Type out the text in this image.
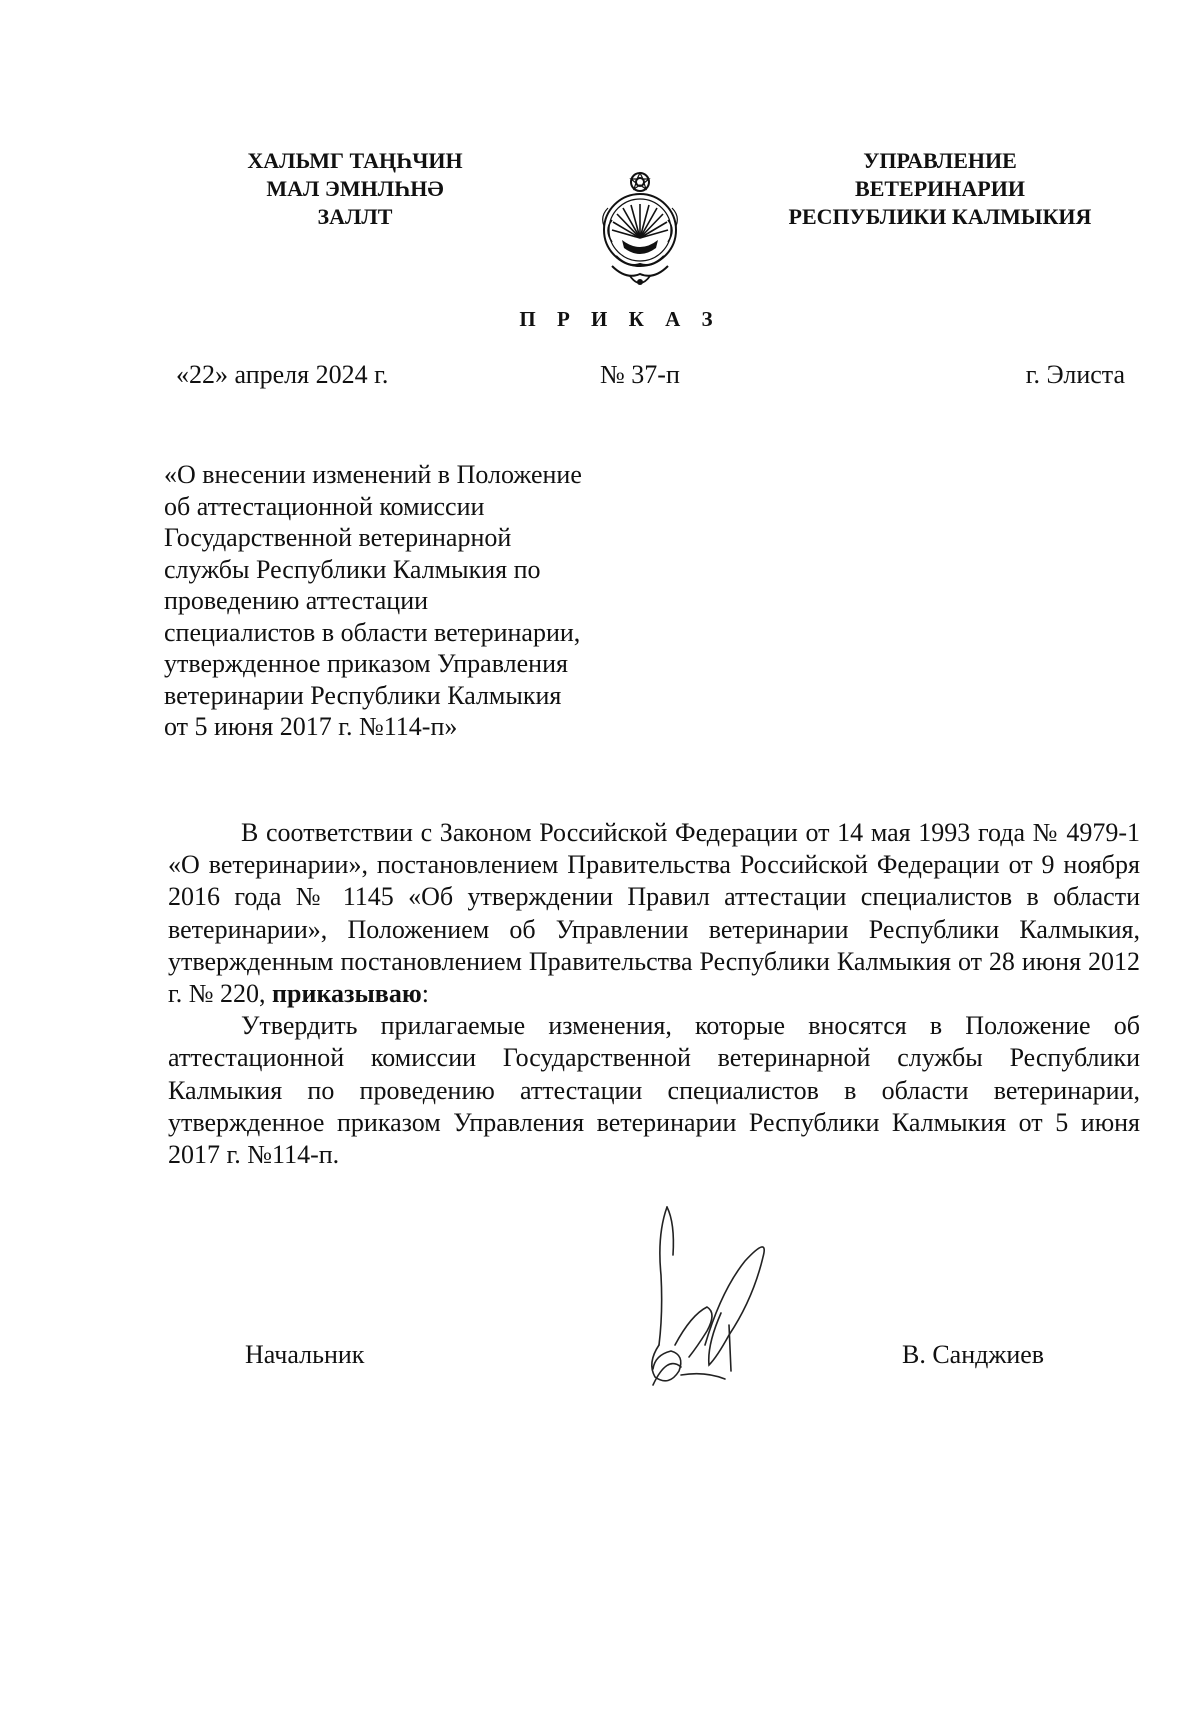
ХАЛЬМГ ТАҢҺЧИН
МАЛ ЭМНЛҺНӘ
ЗАЛЛТ
УПРАВЛЕНИЕ
ВЕТЕРИНАРИИ
РЕСПУБЛИКИ КАЛМЫКИЯ
П Р И К А З
«22» апреля 2024 г.	№ 37-п	г. Элиста
«О внесении изменений в Положение
об аттестационной комиссии
Государственной ветеринарной
службы Республики Калмыкия по
проведению аттестации
специалистов в области ветеринарии,
утвержденное приказом Управления
ветеринарии Республики Калмыкия
от 5 июня 2017 г. №114-п»

В соответствии с Законом Российской Федерации от 14 мая 1993 года № 4979-1 «О ветеринарии», постановлением Правительства Российской Федерации от 9 ноября 2016 года № 1145 «Об утверждении Правил аттестации специалистов в области ветеринарии», Положением об Управлении ветеринарии Республики Калмыкия, утвержденным постановлением Правительства Республики Калмыкия от 28 июня 2012 г. № 220, приказываю:

Утвердить прилагаемые изменения, которые вносятся в Положение об аттестационной комиссии Государственной ветеринарной службы Республики Калмыкия по проведению аттестации специалистов в области ветеринарии, утвержденное приказом Управления ветеринарии Республики Калмыкия от 5 июня 2017 г. №114-п.

Начальник	В. Санджиев
